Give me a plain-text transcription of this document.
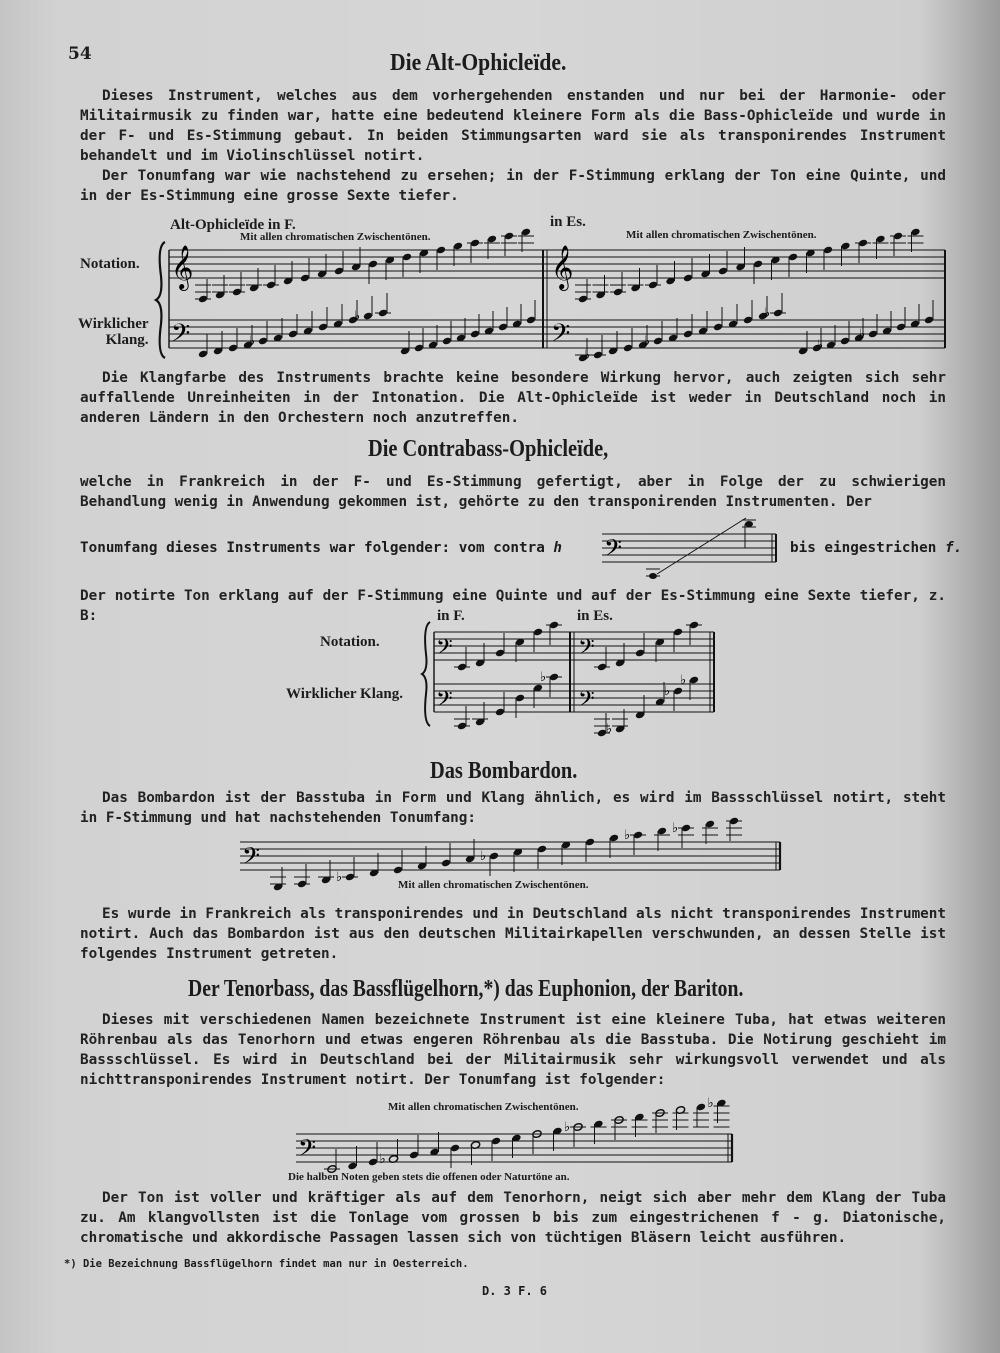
54	Die Alt-Ophicleïde.

Dieses Instrument, welches aus dem vorhergehenden enstanden und nur bei der Harmonie- oder Militairmusik zu finden war, hatte eine bedeutend kleinere Form als die Bass-Ophicleïde und wurde in der F- und Es-Stimmung gebaut. In beiden Stimmungsarten ward sie als transponirendes Instrument behandelt und im Violinschlüssel notirt.

Der Tonumfang war wie nachstehend zu ersehen; in der F-Stimmung erklang der Ton eine Quinte, und in der Es-Stimmung eine grosse Sexte tiefer.

Alt-Ophicleïde in F.	in Es.
Mit allen chromatischen Zwischentönen.	Mit allen chromatischen Zwischentönen.
Notation.
Wirklicher
Klang.
𝄞	𝄞
𝄢	𝄢
♭
♭
♭
♭
♭
♭
♭

Die Klangfarbe des Instruments brachte keine besondere Wirkung hervor, auch zeigten sich sehr auffallende Unreinheiten in der Intonation. Die Alt-Ophicleïde ist weder in Deutschland noch in anderen Ländern in den Orchestern noch anzutreffen.

Die Contrabass-Ophicleïde,

welche in Frankreich in der F- und Es-Stimmung gefertigt, aber in Folge der zu schwierigen Behandlung wenig in Anwendung gekommen ist, gehörte zu den transponirenden Instrumenten. Der

Tonumfang dieses Instruments war folgender: vom contra h 𝄢	bis eingestrichen f.

Der notirte Ton erklang auf der F-Stimmung eine Quinte und auf der Es-Stimmung eine Sexte tiefer, z. B:	in F.	in Es.
Notation.
Wirklicher Klang.
𝄢	𝄢
𝄢	𝄢
♭
♭
♭
♭
Das Bombardon.

Das Bombardon ist der Basstuba in Form und Klang ähnlich, es wird im Bassschlüssel notirt, steht in F-Stimmung und hat nachstehenden Tonumfang:

𝄢
♭
♭
♭	♭
Mit allen chromatischen Zwischentönen.

Es wurde in Frankreich als transponirendes und in Deutschland als nicht transponirendes Instrument notirt. Auch das Bombardon ist aus den deutschen Militairkapellen verschwunden, an dessen Stelle ist folgendes Instrument getreten.

Der Tenorbass, das Bassflügelhorn,*) das Euphonion, der Bariton.

Dieses mit verschiedenen Namen bezeichnete Instrument ist eine kleinere Tuba, hat etwas weiteren Röhrenbau als das Tenorhorn und etwas engeren Röhrenbau als die Basstuba. Die Notirung geschieht im Bassschlüssel. Es wird in Deutschland bei der Militairmusik sehr wirkungsvoll verwendet und als nichttransponirendes Instrument notirt. Der Tonumfang ist folgender:

Mit allen chromatischen Zwischentönen.
𝄢	♭
♭
♭
Die halben Noten geben stets die offenen oder Naturtöne an.

Der Ton ist voller und kräftiger als auf dem Tenorhorn, neigt sich aber mehr dem Klang der Tuba zu. Am klangvollsten ist die Tonlage vom grossen b bis zum eingestrichenen f - g. Diatonische, chromatische und akkordische Passagen lassen sich von tüchtigen Bläsern leicht ausführen.

*) Die Bezeichnung Bassflügelhorn findet man nur in Oesterreich.
D. 3 F. 6
